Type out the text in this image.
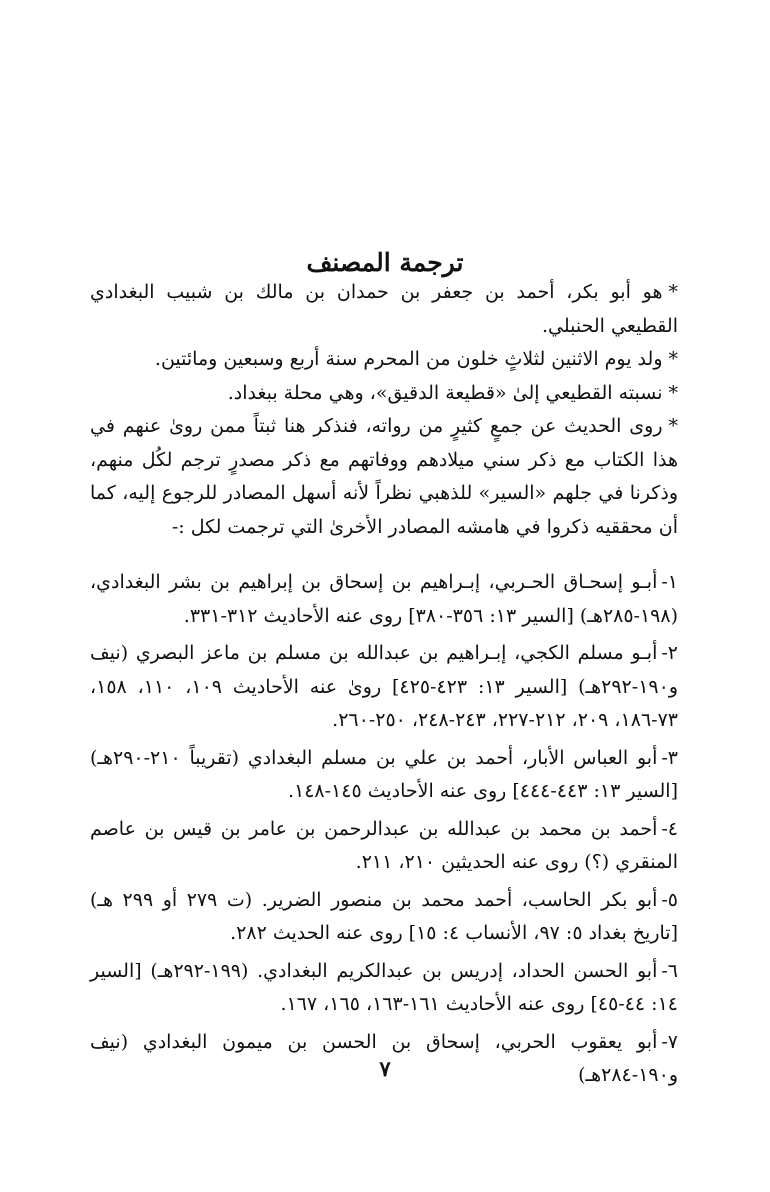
ترجمة المصنف

*هو أبو بكر، أحمد بن جعفر بن حمدان بن مالك بن شبيب البغدادي القطيعي الحنبلي.

*ولد يوم الاثنين لثلاثٍ خلون من المحرم سنة أربع وسبعين ومائتين.

*نسبته القطيعي إلىٰ «قطيعة الدقيق»، وهي محلة ببغداد.

*روى الحديث عن جمعٍ كثيرٍ من رواته، فنذكر هنا ثبتاً ممن روىٰ عنهم في هذا الكتاب مع ذكر سني ميلادهم ووفاتهم مع ذكر مصدرٍ ترجم لكُل منهم، وذكرنا في جلهم «السير» للذهبي نظراً لأنه أسهل المصادر للرجوع إليه، كما أن محققيه ذكروا في هامشه المصادر الأخرىٰ التي ترجمت لكل :-

١-أبـو إسحـاق الحـربي، إبـراهيم بن إسحاق بن إبراهيم بن بشر البغدادي، (١٩٨-٢٨٥هـ) [السير ١٣: ٣٥٦-٣٨٠] روى عنه الأحاديث ٣١٢-٣٣١.

٢-أبـو مسلم الكجي، إبـراهيم بن عبدالله بن مسلم بن ماعز البصري (نيف و١٩٠-٢٩٢هـ) [السير ١٣: ٤٢٣-٤٢٥] روىٰ عنه الأحاديث ١٠٩، ١١٠، ١٥٨، ٧٣-١٨٦، ٢٠٩، ٢١٢-٢٢٧، ٢٤٣-٢٤٨، ٢٥٠-٢٦٠.

٣-أبو العباس الأبار، أحمد بن علي بن مسلم البغدادي (تقريباً ٢١٠-٢٩٠هـ) [السير ١٣: ٤٤٣-٤٤٤] روى عنه الأحاديث ١٤٥-١٤٨.

٤-أحمد بن محمد بن عبدالله بن عبدالرحمن بن عامر بن قيس بن عاصم المنقري (؟) روى عنه الحديثين ٢١٠، ٢١١.

٥-أبو بكر الحاسب، أحمد محمد بن منصور الضرير. (ت ٢٧٩ أو ٢٩٩ هـ) [تاريخ بغداد ٥: ٩٧، الأنساب ٤: ١٥] روى عنه الحديث ٢٨٢.

٦-أبو الحسن الحداد، إدريس بن عبدالكريم البغدادي. (١٩٩-٢٩٢هـ) [السير ١٤: ٤٤-٤٥] روى عنه الأحاديث ١٦١-١٦٣، ١٦٥، ١٦٧.

٧-أبو يعقوب الحربي، إسحاق بن الحسن بن ميمون البغدادي (نيف و١٩٠-٢٨٤هـ)

٧
